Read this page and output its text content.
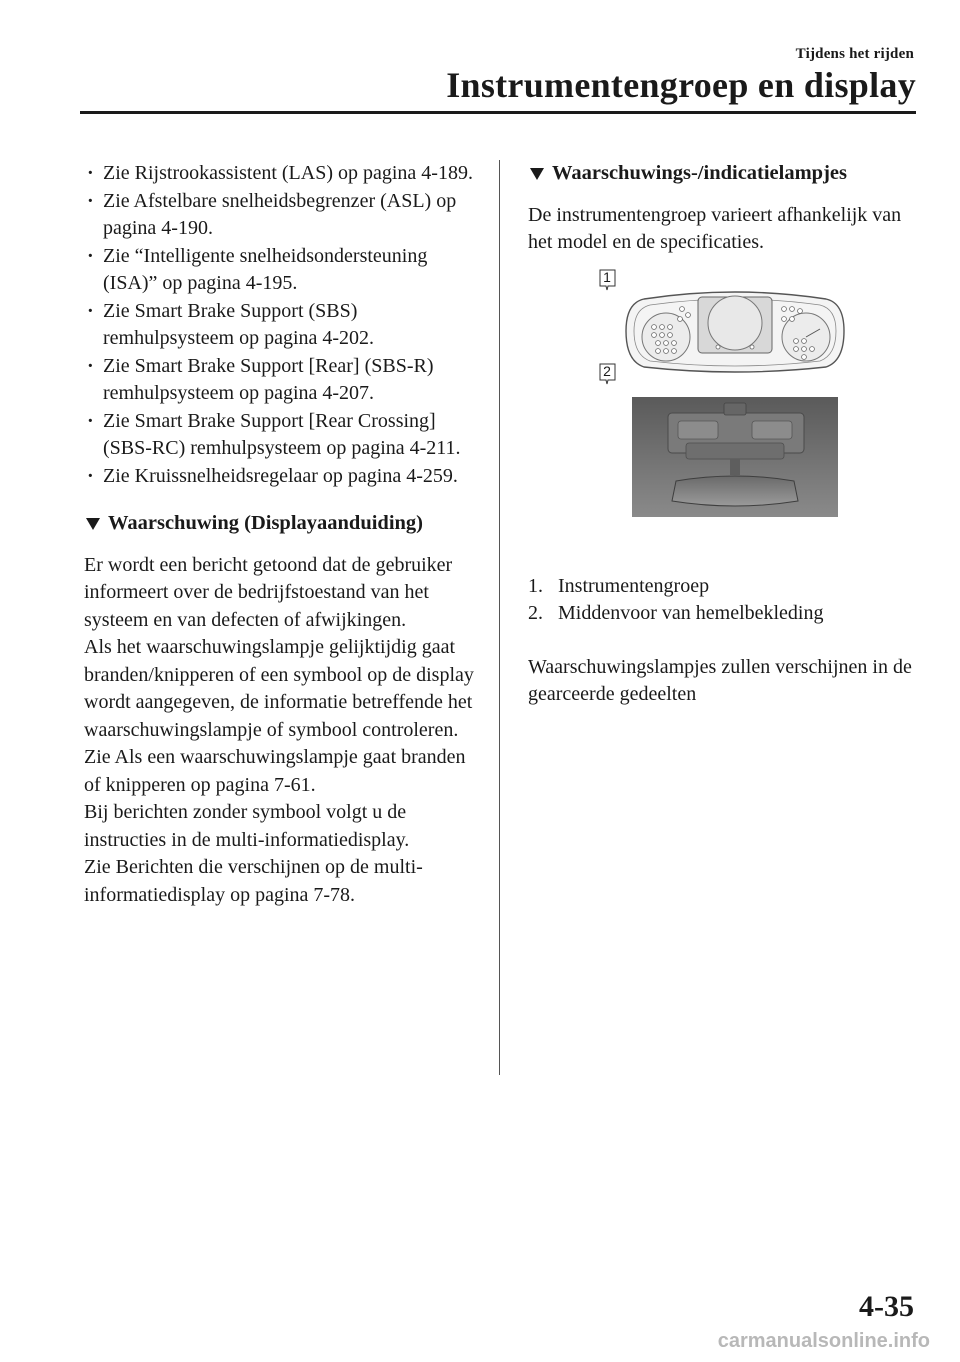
Tijdens het rijden
Instrumentengroep en display
· Zie Rijstrookassistent (LAS) op pagina 4-189.
· Zie Afstelbare snelheidsbegrenzer (ASL) op pagina 4-190.
· Zie “Intelligente snelheidsondersteuning (ISA)” op pagina 4-195.
· Zie Smart Brake Support (SBS) remhulpsysteem op pagina 4-202.
· Zie Smart Brake Support [Rear] (SBS-R) remhulpsysteem op pagina 4-207.
· Zie Smart Brake Support [Rear Crossing] (SBS-RC) remhulpsysteem op pagina 4-211.
· Zie Kruissnelheidsregelaar op pagina 4-259.
Waarschuwing (Displayaanduiding)

Er wordt een bericht getoond dat de gebruiker informeert over de bedrijfstoestand van het systeem en van defecten of afwijkingen.

Als het waarschuwingslampje gelijktijdig gaat branden/knipperen of een symbool op de display wordt aangegeven, de informatie betreffende het waarschuwingslampje of symbool controleren.

Zie Als een waarschuwingslampje gaat branden of knipperen op pagina 7-61.

Bij berichten zonder symbool volgt u de instructies in de multi-informatiedisplay.

Zie Berichten die verschijnen op de multi-informatiedisplay op pagina 7-78.

Waarschuwings-/indicatielampjes

De instrumentengroep varieert afhankelijk van het model en de specificaties.

1
2
1. Instrumentengroep
2. Middenvoor van hemelbekleding

Waarschuwingslampjes zullen verschijnen in de gearceerde gedeelten

4-35
carmanualsonline.info
